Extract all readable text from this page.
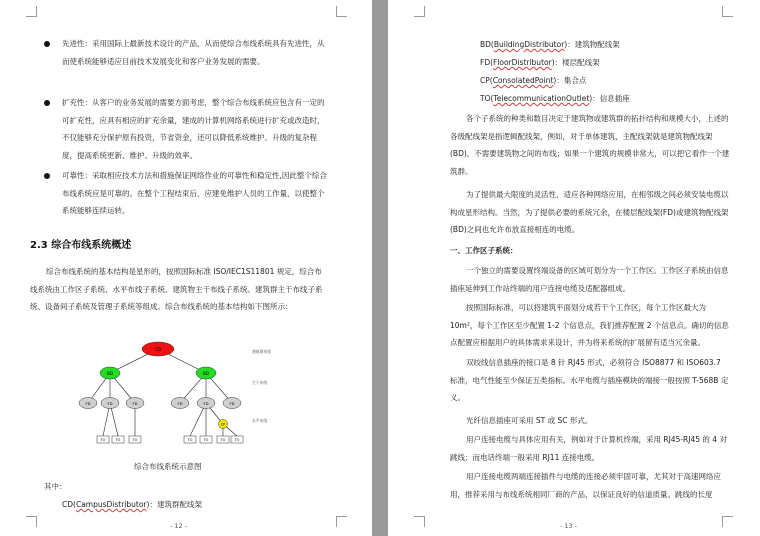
先进性：采用国际上最新技术设计的产品，从而使综合布线系统具有先进性，从而使系统能够适应目前技术发展变化和客户业务发展的需要。
扩充性：从客户的业务发展的需要方面考虑，整个综合布线系统应包含有一定的可扩充性，应具有相应的扩充余量，建成的计算机网络系统进行扩充或改造时，不仅能够充分保护原有投资，节省资金，还可以降低系统维护、升级的复杂程度，提高系统更新、维护、升级的效率。
可靠性：采取相应技术方法和措施保证网络作业的可靠性和稳定性,因此整个综合布线系统应是可靠的。在整个工程结束后，应建免维护人员的工作量，以使整个系统能够连续运转。
2.3 综合布线系统概述
综合布线系统的基本结构是星形的，按照国际标准 ISO/IEC1S11801 规定，综合布线系统由工作区子系统、水平布线子系统、建筑物主干布线子系统、建筑群主干布线子系统、设备间子系统及管理子系统等组成。综合布线系统的基本结构如下图所示：
CD
BD	BD
FD	FD	FD	FD	FD	FD
TO	TO	TO	TO	TO	TO	TO
CP
建筑群布线
主干布线
水平布线
综合布线系统示意图
其中：
CD(CampusDistributor)：建筑群配线架
- 12 -
BD(BuildingDistributor)：建筑物配线架
FD(FloorDistributor)：楼层配线架
CP(ConsolatedPoint)：集合点
TO(TelecommunicationOutlet)：信息插座
各个子系统的种类和数目决定于建筑物或建筑群的拓扑结构和规模大小，上述的各级配线架是指逻辑配线架，例如，对于单体建筑，主配线架就是建筑物配线架(BD)，不需要建筑物之间的布线；如果一个建筑的规模非常大，可以把它看作一个建筑群。
为了提供最大限度的灵活性，适应各种网络应用，在相邻级之间必须安装电缆以构成星形结构。当然，为了提供必要的系统冗余，在楼层配线架(FD)或建筑物配线架(BD)之间也允许布放直接相连的电缆。
一、工作区子系统：
一个独立的需要设置终端设备的区域可划分为一个工作区。工作区子系统由信息插座延伸到工作站终端的用户连接电缆及适配器组成。
按照国际标准，可以将建筑平面划分成若干个工作区，每个工作区最大为 10m²，每个工作区至少配置 1-2 个信息点，我们推荐配置 2 个信息点。确切的信息点配置应根据用户的具体需求来设计，并为将来系统的扩展留有适当冗余量。
双绞线信息插座的接口是 8 针 RJ45 形式，必须符合 ISO8877 和 ISO603.7 标准，电气性能至少保证五类指标。水平电缆与插座模块的端接一般按照 T-568B 定义。
光纤信息插座可采用 ST 或 SC 形式。
用户连接电缆与具体应用有关，例如对于计算机终端，采用 RJ45-RJ45 的 4 对跳线；而电话终端一般采用 RJ11 连接电缆。
用户连接电缆两端连接插件与电缆的连接必须牢固可靠，尤其对于高速网络应用，推荐采用与布线系统相同厂商的产品，以保证良好的信道质量。跳线的长度
- 13 -
